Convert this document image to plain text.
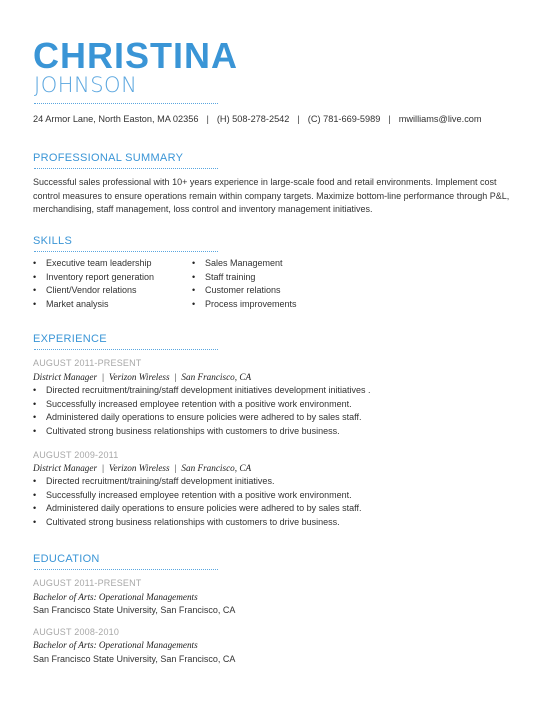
CHRISTINA
JOHNSON
24 Armor Lane, North Easton, MA 02356 | (H) 508-278-2542 | (C) 781-669-5989 | mwilliams@live.com
PROFESSIONAL SUMMARY
Successful sales professional with 10+ years experience in large-scale food and retail environments. Implement cost control measures to ensure operations remain within company targets. Maximize bottom-line performance through P&L, merchandising, staff management, loss control and inventory management initiatives.
SKILLS
• Executive team leadership
• Inventory report generation
• Client/Vendor relations
• Market analysis
• Sales Management
• Staff training
• Customer relations
• Process improvements
EXPERIENCE
AUGUST 2011-PRESENT
District Manager | Verizon Wireless | San Francisco, CA
• Directed recruitment/training/staff development initiatives development initiatives .
• Successfully increased employee retention with a positive work environment.
• Administered daily operations to ensure policies were adhered to by sales staff.
• Cultivated strong business relationships with customers to drive business.
AUGUST 2009-2011
District Manager | Verizon Wireless | San Francisco, CA
• Directed recruitment/training/staff development initiatives.
• Successfully increased employee retention with a positive work environment.
• Administered daily operations to ensure policies were adhered to by sales staff.
• Cultivated strong business relationships with customers to drive business.
EDUCATION
AUGUST 2011-PRESENT
Bachelor of Arts: Operational Managements
San Francisco State University, San Francisco, CA
AUGUST 2008-2010
Bachelor of Arts: Operational Managements
San Francisco State University, San Francisco, CA
